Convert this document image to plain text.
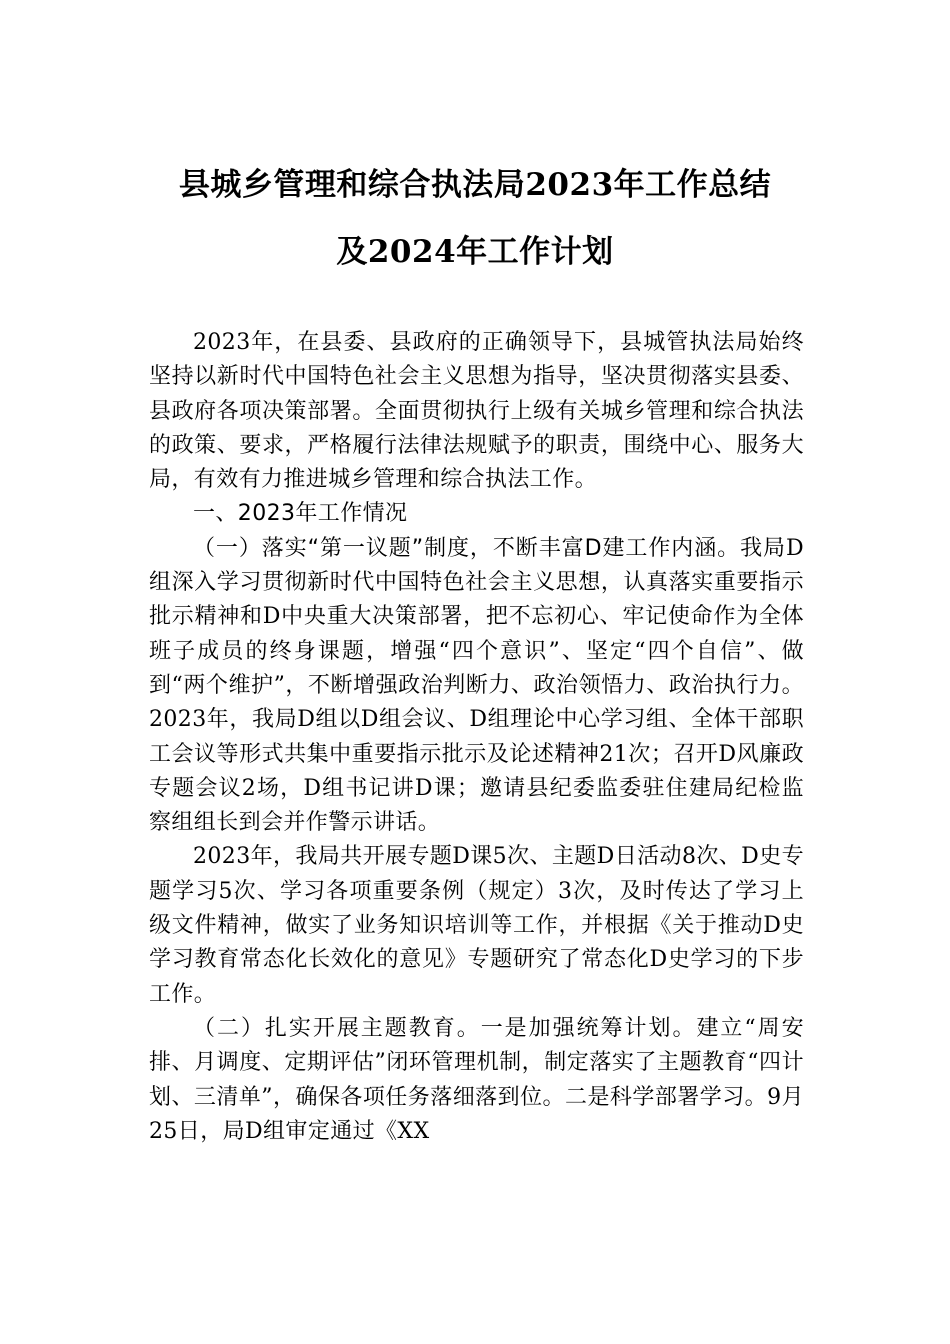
县城乡管理和综合执法局2023年工作总结
及2024年工作计划

2023年，在县委、县政府的正确领导下，县城管执法局始终坚持以新时代中国特色社会主义思想为指导，坚决贯彻落实县委、县政府各项决策部署。全面贯彻执行上级有关城乡管理和综合执法的政策、要求，严格履行法律法规赋予的职责，围绕中心、服务大局，有效有力推进城乡管理和综合执法工作。

一、2023年工作情况

（一）落实“第一议题”制度，不断丰富D建工作内涵。我局D组深入学习贯彻新时代中国特色社会主义思想，认真落实重要指示批示精神和D中央重大决策部署，把不忘初心、牢记使命作为全体班子成员的终身课题，增强“四个意识”、坚定“四个自信”、做到“两个维护”，不断增强政治判断力、政治领悟力、政治执行力。2023年，我局D组以D组会议、D组理论中心学习组、全体干部职工会议等形式共集中重要指示批示及论述精神21次；召开D风廉政专题会议2场，D组书记讲D课；邀请县纪委监委驻住建局纪检监察组组长到会并作警示讲话。

2023年，我局共开展专题D课5次、主题D日活动8次、D史专题学习5次、学习各项重要条例（规定）3次，及时传达了学习上级文件精神，做实了业务知识培训等工作，并根据《关于推动D史学习教育常态化长效化的意见》专题研究了常态化D史学习的下步工作。

（二）扎实开展主题教育。一是加强统筹计划。建立“周安排、月调度、定期评估”闭环管理机制，制定落实了主题教育“四计划、三清单”，确保各项任务落细落到位。二是科学部署学习。9月25日，局D组审定通过《XX
